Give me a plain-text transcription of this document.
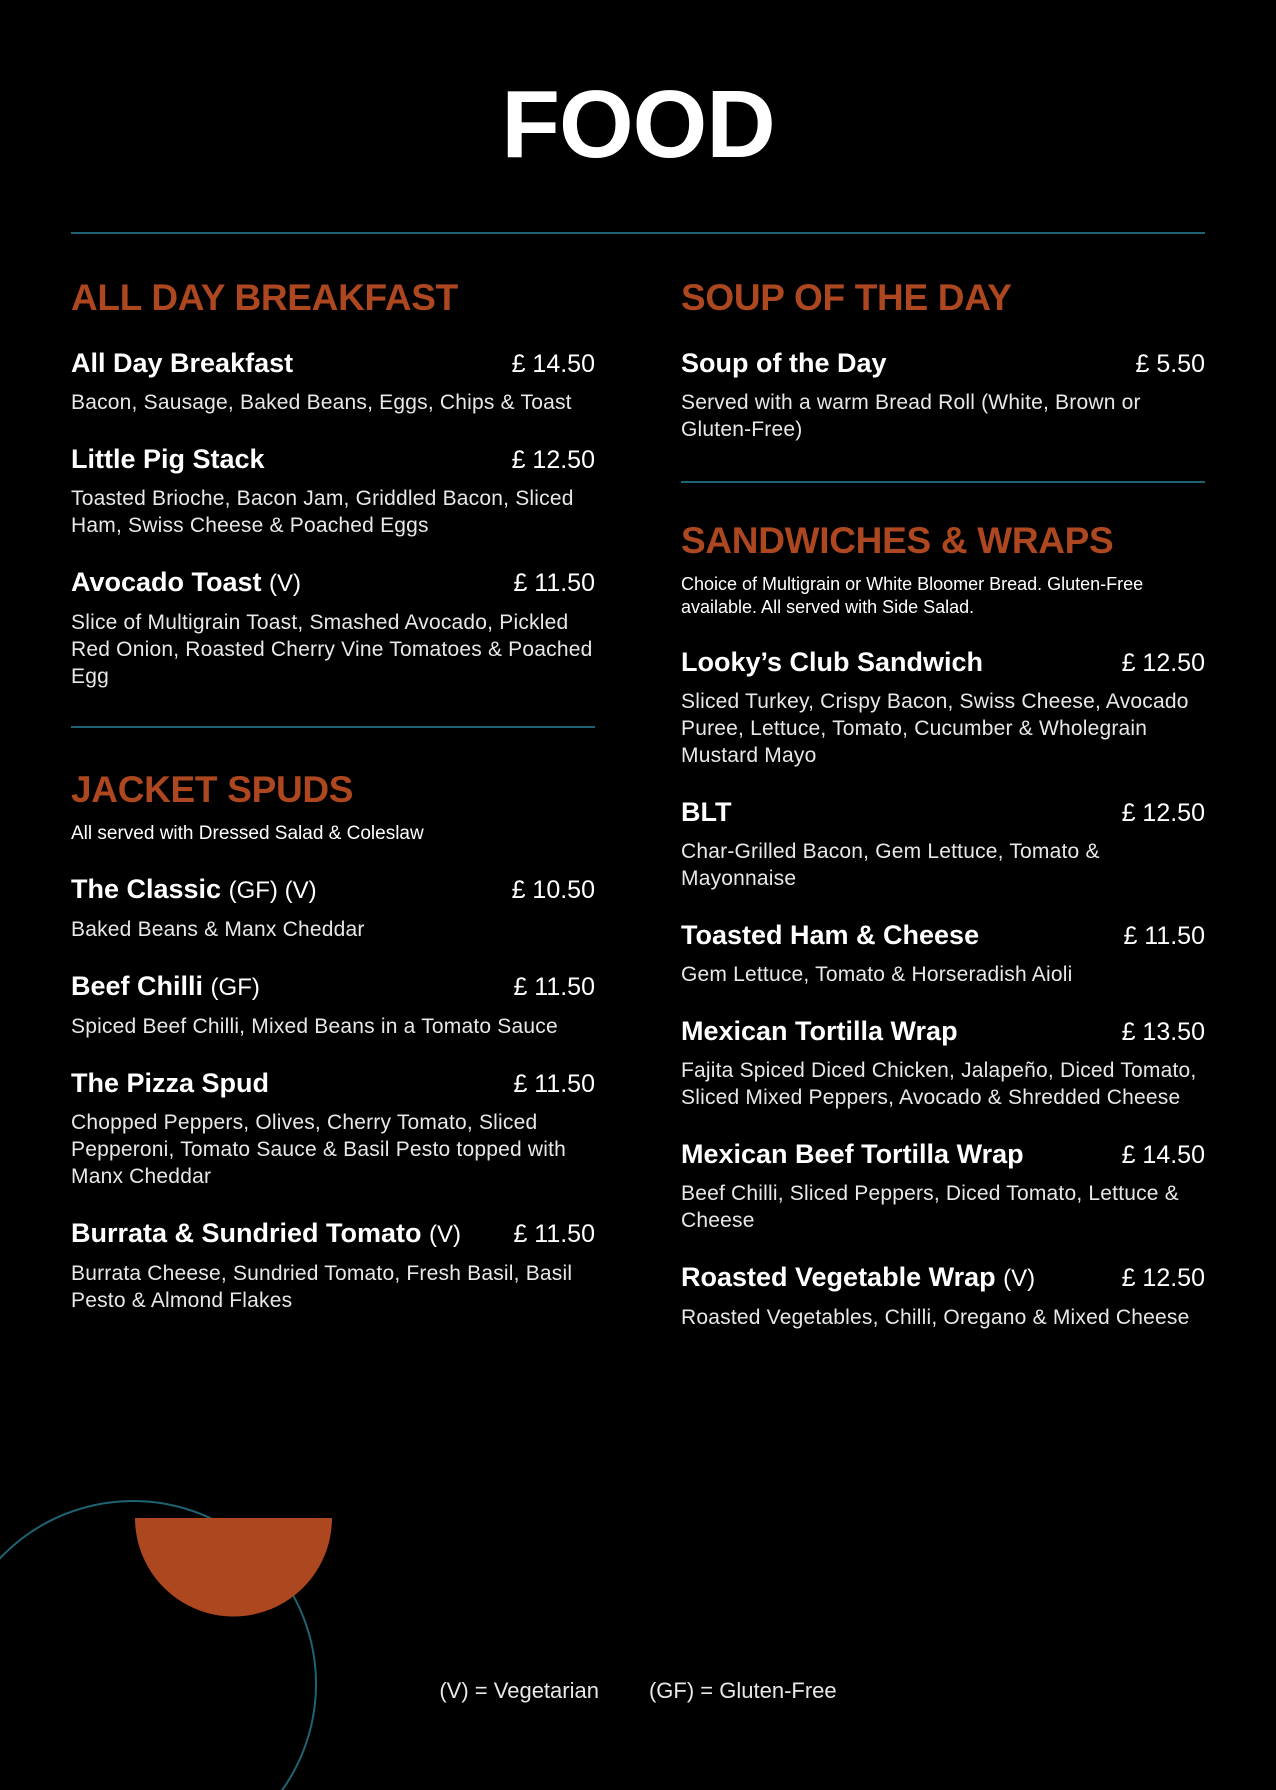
FOOD
ALL DAY BREAKFAST
All Day Breakfast	£ 14.50
Bacon, Sausage, Baked Beans, Eggs, Chips & Toast
Little Pig Stack	£ 12.50
Toasted Brioche, Bacon Jam, Griddled Bacon, Sliced Ham, Swiss Cheese & Poached Eggs
Avocado Toast (V)	£ 11.50
Slice of Multigrain Toast, Smashed Avocado, Pickled Red Onion, Roasted Cherry Vine Tomatoes & Poached Egg
JACKET SPUDS

All served with Dressed Salad & Coleslaw

The Classic (GF) (V)	£ 10.50
Baked Beans & Manx Cheddar
Beef Chilli (GF)	£ 11.50
Spiced Beef Chilli, Mixed Beans in a Tomato Sauce
The Pizza Spud	£ 11.50
Chopped Peppers, Olives, Cherry Tomato, Sliced Pepperoni, Tomato Sauce & Basil Pesto topped with Manx Cheddar
Burrata & Sundried Tomato (V) £ 11.50
Burrata Cheese, Sundried Tomato, Fresh Basil, Basil Pesto & Almond Flakes
SOUP OF THE DAY
Soup of the Day	£ 5.50
Served with a warm Bread Roll (White, Brown or Gluten-Free)
SANDWICHES & WRAPS

Choice of Multigrain or White Bloomer Bread. Gluten-Free available. All served with Side Salad.

Looky’s Club Sandwich	£ 12.50
Sliced Turkey, Crispy Bacon, Swiss Cheese, Avocado Puree, Lettuce, Tomato, Cucumber & Wholegrain Mustard Mayo
BLT	£ 12.50
Char-Grilled Bacon, Gem Lettuce, Tomato & Mayonnaise
Toasted Ham & Cheese	£ 11.50
Gem Lettuce, Tomato & Horseradish Aioli
Mexican Tortilla Wrap	£ 13.50
Fajita Spiced Diced Chicken, Jalapeño, Diced Tomato, Sliced Mixed Peppers, Avocado & Shredded Cheese
Mexican Beef Tortilla Wrap	£ 14.50
Beef Chilli, Sliced Peppers, Diced Tomato, Lettuce & Cheese
Roasted Vegetable Wrap (V)	£ 12.50
Roasted Vegetables, Chilli, Oregano & Mixed Cheese
(V) = Vegetarian (GF) = Gluten-Free
